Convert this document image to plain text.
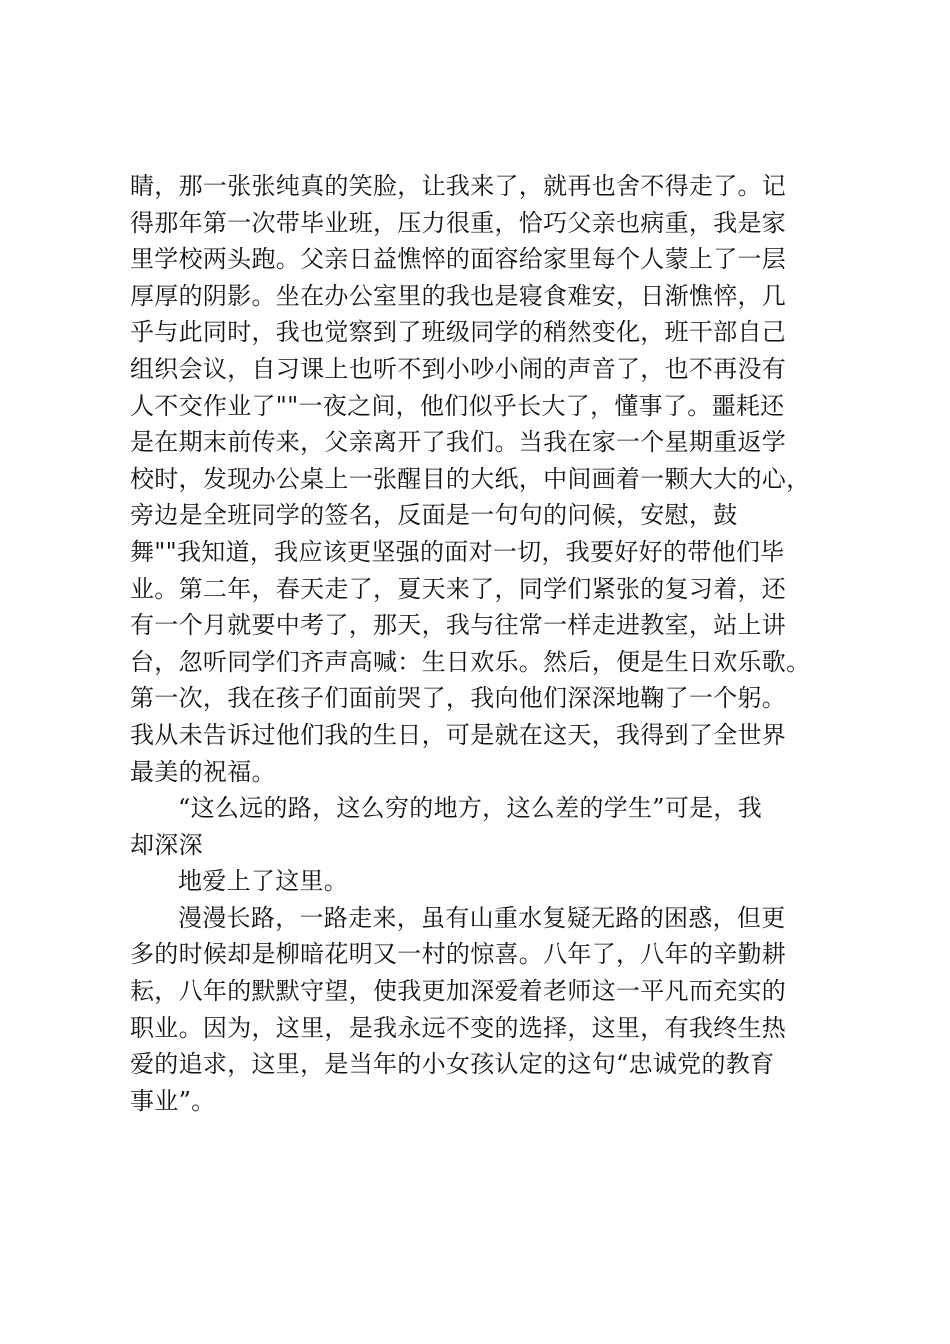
睛，那一张张纯真的笑脸，让我来了，就再也舍不得走了。记
得那年第一次带毕业班，压力很重，恰巧父亲也病重，我是家
里学校两头跑。父亲日益憔悴的面容给家里每个人蒙上了一层
厚厚的阴影。坐在办公室里的我也是寝食难安，日渐憔悴，几
乎与此同时，我也觉察到了班级同学的稍然变化，班干部自己
组织会议，自习课上也听不到小吵小闹的声音了，也不再没有
人不交作业了""一夜之间，他们似乎长大了，懂事了。噩耗还
是在期末前传来，父亲离开了我们。当我在家一个星期重返学
校时，发现办公桌上一张醒目的大纸，中间画着一颗大大的心，
旁边是全班同学的签名，反面是一句句的问候，安慰，鼓
舞""我知道，我应该更坚强的面对一切，我要好好的带他们毕
业。第二年，春天走了，夏天来了，同学们紧张的复习着，还
有一个月就要中考了，那天，我与往常一样走进教室，站上讲
台，忽听同学们齐声高喊：生日欢乐。然后，便是生日欢乐歌。
第一次，我在孩子们面前哭了，我向他们深深地鞠了一个躬。
我从未告诉过他们我的生日，可是就在这天，我得到了全世界
最美的祝福。
“这么远的路，这么穷的地方，这么差的学生”可是，我
却深深
地爱上了这里。
漫漫长路，一路走来，虽有山重水复疑无路的困惑，但更
多的时候却是柳暗花明又一村的惊喜。八年了，八年的辛勤耕
耘，八年的默默守望，使我更加深爱着老师这一平凡而充实的
职业。因为，这里，是我永远不变的选择，这里，有我终生热
爱的追求，这里，是当年的小女孩认定的这句“忠诚党的教育
事业”。
